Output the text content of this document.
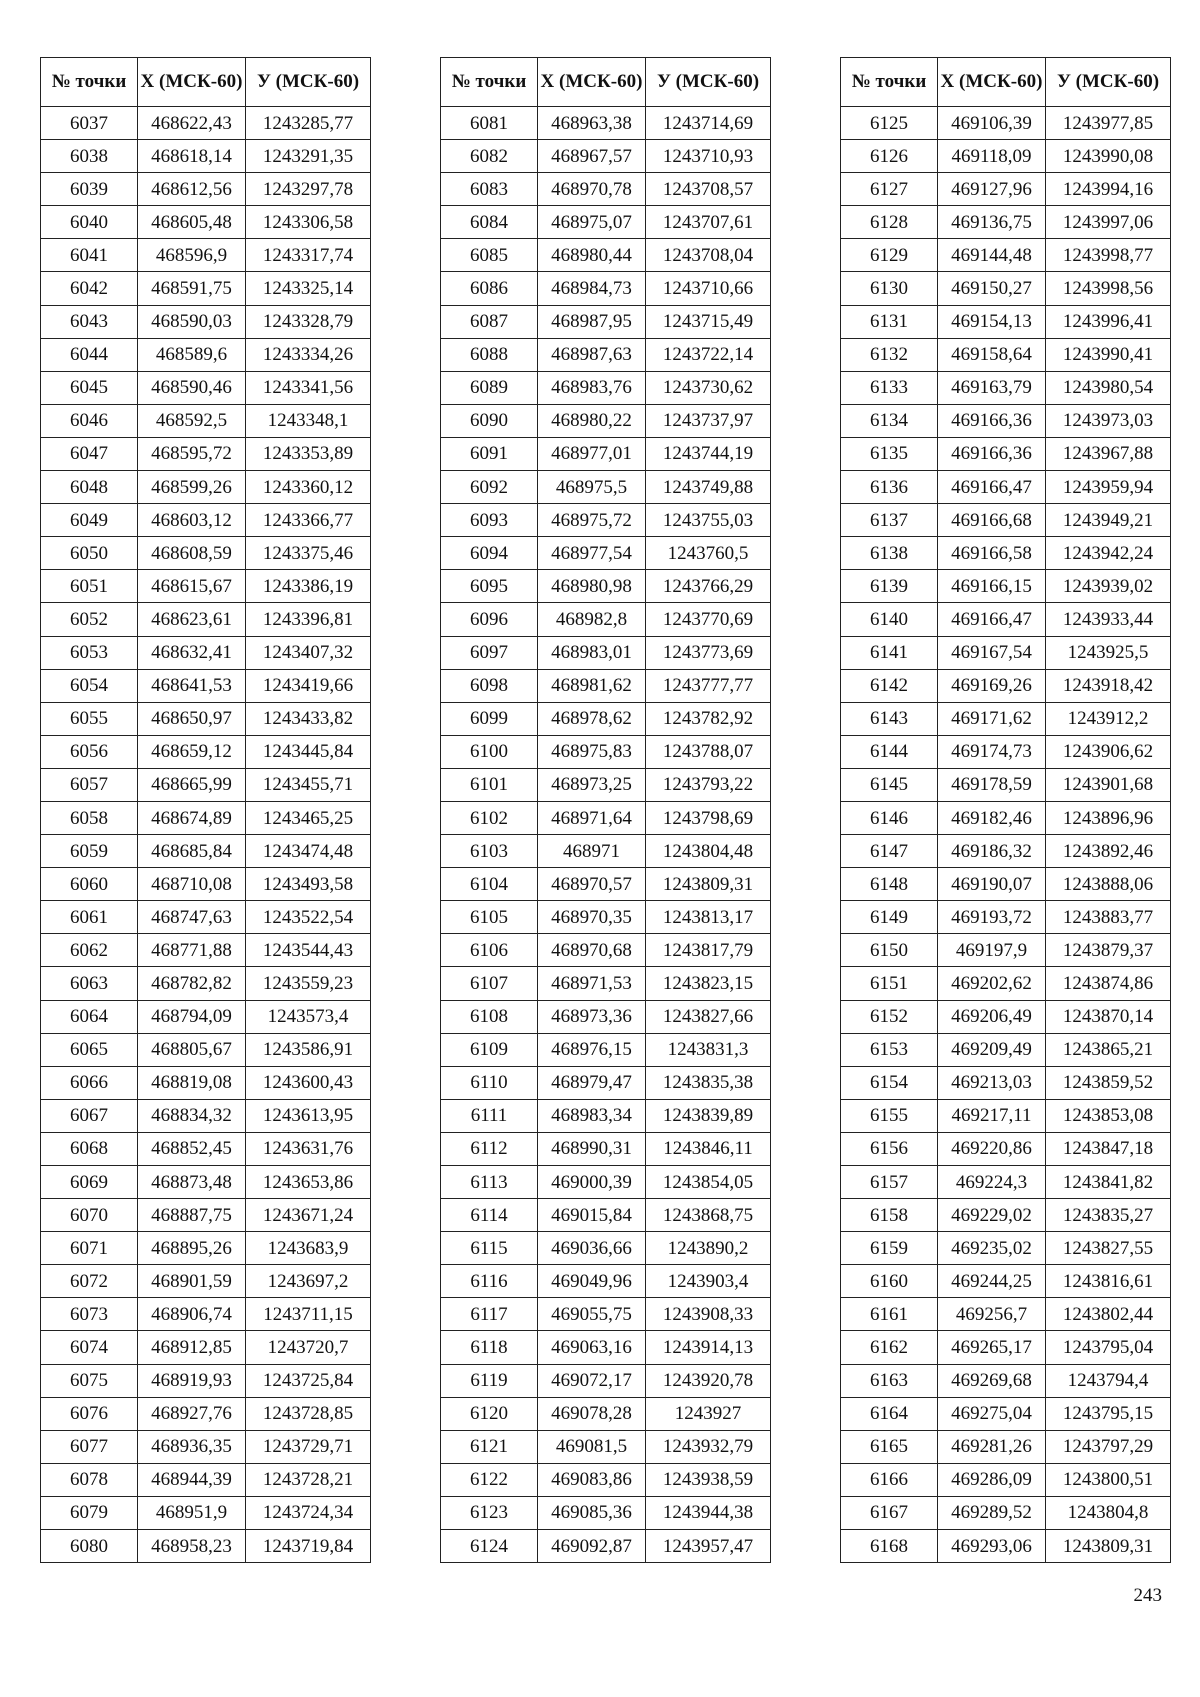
№ точки	X (МСК-60)	У (МСК-60)
6037	468622,43	1243285,77
6038	468618,14	1243291,35
6039	468612,56	1243297,78
6040	468605,48	1243306,58
6041	468596,9	1243317,74
6042	468591,75	1243325,14
6043	468590,03	1243328,79
6044	468589,6	1243334,26
6045	468590,46	1243341,56
6046	468592,5	1243348,1
6047	468595,72	1243353,89
6048	468599,26	1243360,12
6049	468603,12	1243366,77
6050	468608,59	1243375,46
6051	468615,67	1243386,19
6052	468623,61	1243396,81
6053	468632,41	1243407,32
6054	468641,53	1243419,66
6055	468650,97	1243433,82
6056	468659,12	1243445,84
6057	468665,99	1243455,71
6058	468674,89	1243465,25
6059	468685,84	1243474,48
6060	468710,08	1243493,58
6061	468747,63	1243522,54
6062	468771,88	1243544,43
6063	468782,82	1243559,23
6064	468794,09	1243573,4
6065	468805,67	1243586,91
6066	468819,08	1243600,43
6067	468834,32	1243613,95
6068	468852,45	1243631,76
6069	468873,48	1243653,86
6070	468887,75	1243671,24
6071	468895,26	1243683,9
6072	468901,59	1243697,2
6073	468906,74	1243711,15
6074	468912,85	1243720,7
6075	468919,93	1243725,84
6076	468927,76	1243728,85
6077	468936,35	1243729,71
6078	468944,39	1243728,21
6079	468951,9	1243724,34
6080	468958,23	1243719,84
№ точки	X (МСК-60)	У (МСК-60)
6081	468963,38	1243714,69
6082	468967,57	1243710,93
6083	468970,78	1243708,57
6084	468975,07	1243707,61
6085	468980,44	1243708,04
6086	468984,73	1243710,66
6087	468987,95	1243715,49
6088	468987,63	1243722,14
6089	468983,76	1243730,62
6090	468980,22	1243737,97
6091	468977,01	1243744,19
6092	468975,5	1243749,88
6093	468975,72	1243755,03
6094	468977,54	1243760,5
6095	468980,98	1243766,29
6096	468982,8	1243770,69
6097	468983,01	1243773,69
6098	468981,62	1243777,77
6099	468978,62	1243782,92
6100	468975,83	1243788,07
6101	468973,25	1243793,22
6102	468971,64	1243798,69
6103	468971	1243804,48
6104	468970,57	1243809,31
6105	468970,35	1243813,17
6106	468970,68	1243817,79
6107	468971,53	1243823,15
6108	468973,36	1243827,66
6109	468976,15	1243831,3
6110	468979,47	1243835,38
6111	468983,34	1243839,89
6112	468990,31	1243846,11
6113	469000,39	1243854,05
6114	469015,84	1243868,75
6115	469036,66	1243890,2
6116	469049,96	1243903,4
6117	469055,75	1243908,33
6118	469063,16	1243914,13
6119	469072,17	1243920,78
6120	469078,28	1243927
6121	469081,5	1243932,79
6122	469083,86	1243938,59
6123	469085,36	1243944,38
6124	469092,87	1243957,47
№ точки	X (МСК-60)	У (МСК-60)
6125	469106,39	1243977,85
6126	469118,09	1243990,08
6127	469127,96	1243994,16
6128	469136,75	1243997,06
6129	469144,48	1243998,77
6130	469150,27	1243998,56
6131	469154,13	1243996,41
6132	469158,64	1243990,41
6133	469163,79	1243980,54
6134	469166,36	1243973,03
6135	469166,36	1243967,88
6136	469166,47	1243959,94
6137	469166,68	1243949,21
6138	469166,58	1243942,24
6139	469166,15	1243939,02
6140	469166,47	1243933,44
6141	469167,54	1243925,5
6142	469169,26	1243918,42
6143	469171,62	1243912,2
6144	469174,73	1243906,62
6145	469178,59	1243901,68
6146	469182,46	1243896,96
6147	469186,32	1243892,46
6148	469190,07	1243888,06
6149	469193,72	1243883,77
6150	469197,9	1243879,37
6151	469202,62	1243874,86
6152	469206,49	1243870,14
6153	469209,49	1243865,21
6154	469213,03	1243859,52
6155	469217,11	1243853,08
6156	469220,86	1243847,18
6157	469224,3	1243841,82
6158	469229,02	1243835,27
6159	469235,02	1243827,55
6160	469244,25	1243816,61
6161	469256,7	1243802,44
6162	469265,17	1243795,04
6163	469269,68	1243794,4
6164	469275,04	1243795,15
6165	469281,26	1243797,29
6166	469286,09	1243800,51
6167	469289,52	1243804,8
6168	469293,06	1243809,31
243
